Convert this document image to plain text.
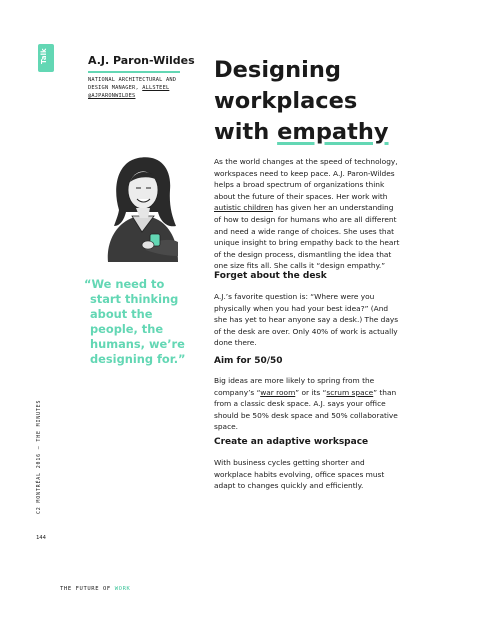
Talk	A.J. Paron-Wildes
NATIONAL ARCHITECTURAL AND
DESIGN MANAGER, ALLSTEEL
@AJPARONWILDES
Designing
workplaces
with empathy
As the world changes at the speed of technology, workspaces need to keep pace. A.J. Paron-Wildes helps a broad spectrum of organizations think about the future of their spaces. Her work with autistic children has given her an understanding of how to design for humans who are all different and need a wide range of choices. She uses that unique insight to bring empathy back to the heart of the design process, dismantling the idea that one size fits all. She calls it “design empathy.”
Forget about the desk
A.J.’s favorite question is: “Where were you physically when you had your best idea?” (And she has yet to hear anyone say a desk.) The days of the desk are over. Only 40% of work is actually done there.
Aim for 50/50
Big ideas are more likely to spring from the company’s “war room” or its “scrum space” than from a classic desk space. A.J. says your office should be 50% desk space and 50% collaborative space.
Create an adaptive workspace
With business cycles getting shorter and workplace habits evolving, office spaces must adapt to changes quickly and efficiently.
“We need to
start thinking
about the
people, the
humans, we’re
designing for.”
C2 MONTRÉAL 2016 — THE MINUTES
144
THE FUTURE OF WORK
